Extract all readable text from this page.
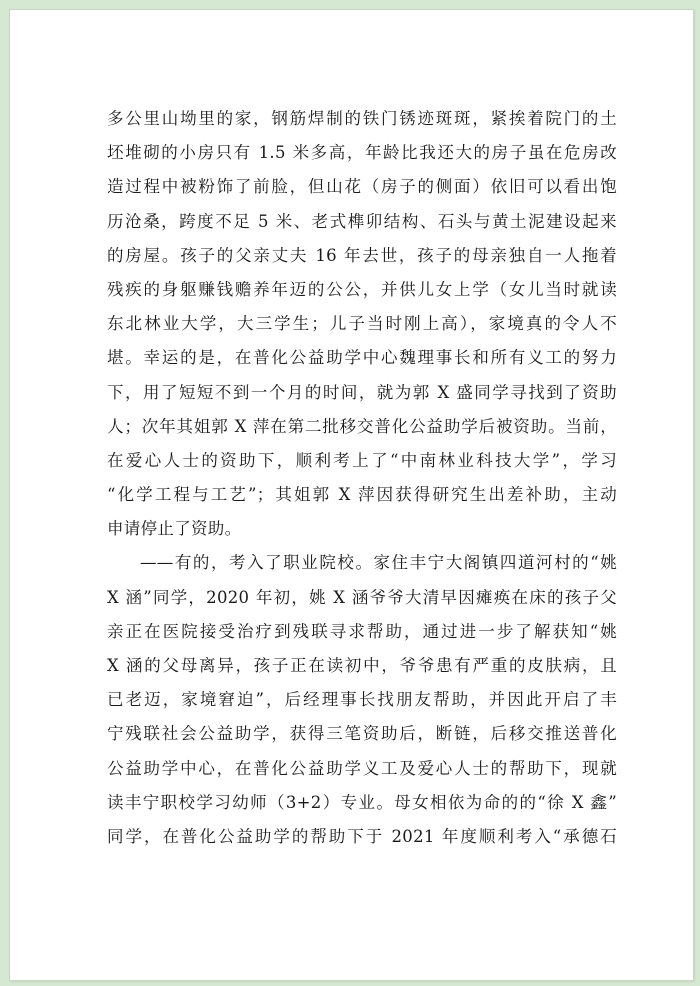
多公里山坳里的家，钢筋焊制的铁门锈迹斑斑，紧挨着院门的土
坯堆砌的小房只有 1.5 米多高，年龄比我还大的房子虽在危房改
造过程中被粉饰了前脸，但山花（房子的侧面）依旧可以看出饱
历沧桑，跨度不足 5 米、老式榫卯结构、石头与黄土泥建设起来
的房屋。孩子的父亲丈夫 16 年去世，孩子的母亲独自一人拖着
残疾的身躯赚钱赡养年迈的公公，并供儿女上学（女儿当时就读
东北林业大学，大三学生；儿子当时刚上高），家境真的令人不
堪。幸运的是，在普化公益助学中心魏理事长和所有义工的努力
下，用了短短不到一个月的时间，就为郭 X 盛同学寻找到了资助
人；次年其姐郭 X 萍在第二批移交普化公益助学后被资助。当前，
在爱心人士的资助下，顺利考上了“中南林业科技大学”，学习
“化学工程与工艺”；其姐郭 X 萍因获得研究生出差补助，主动
申请停止了资助。
——有的，考入了职业院校。家住丰宁大阁镇四道河村的“姚
X 涵”同学，2020 年初，姚 X 涵爷爷大清早因瘫痪在床的孩子父
亲正在医院接受治疗到残联寻求帮助，通过进一步了解获知“姚
X 涵的父母离异，孩子正在读初中，爷爷患有严重的皮肤病，且
已老迈，家境窘迫”，后经理事长找朋友帮助，并因此开启了丰
宁残联社会公益助学，获得三笔资助后，断链，后移交推送普化
公益助学中心，在普化公益助学义工及爱心人士的帮助下，现就
读丰宁职校学习幼师（3+2）专业。母女相依为命的的“徐 X 鑫”
同学，在普化公益助学的帮助下于 2021 年度顺利考入“承德石
